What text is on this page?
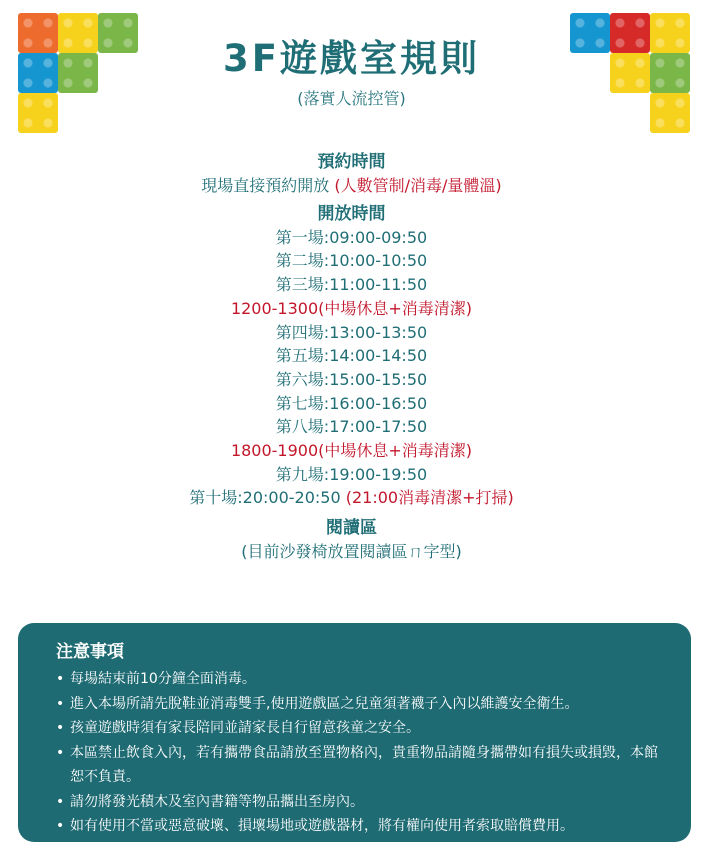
3F遊戲室規則
(落實人流控管)
預約時間
現場直接預約開放 (人數管制/消毒/量體溫)
開放時間
第一場:09:00-09:50
第二場:10:00-10:50
第三場:11:00-11:50
1200-1300(中場休息+消毒清潔)
第四場:13:00-13:50
第五場:14:00-14:50
第六場:15:00-15:50
第七場:16:00-16:50
第八場:17:00-17:50
1800-1900(中場休息+消毒清潔)
第九場:19:00-19:50
第十場:20:00-20:50 (21:00消毒清潔+打掃)
閱讀區
(目前沙發椅放置閱讀區ㄇ字型)
注意事項
• 每場結束前10分鐘全面消毒。
• 進入本場所請先脫鞋並消毒雙手,使用遊戲區之兒童須著襪子入內以維護安全衛生。
• 孩童遊戲時須有家長陪同並請家長自行留意孩童之安全。
• 本區禁止飲食入內，若有攜帶食品請放至置物格內，貴重物品請隨身攜帶如有損失或損毀，本館恕不負責。
• 請勿將發光積木及室內書籍等物品攜出至房內。
• 如有使用不當或惡意破壞、損壞場地或遊戲器材，將有權向使用者索取賠償費用。
